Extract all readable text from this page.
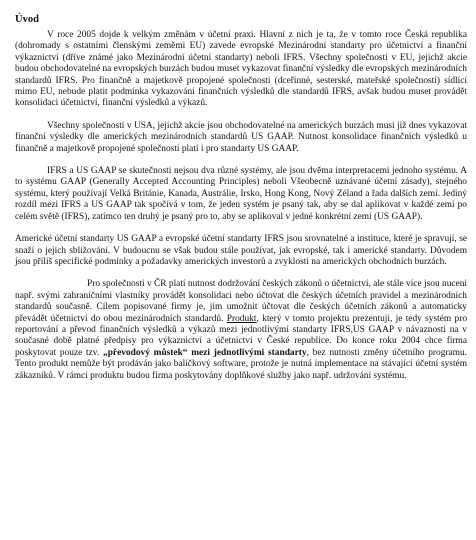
Úvod
V roce 2005 dojde k velkým změnám v účetní praxi. Hlavní z nich je ta, že v tomto roce Česká republika (dohromady s ostatními členskými zeměmi EU) zavede evropské Mezinárodní standarty pro účetnictví a finanční výkaznictví (dříve známé jako Mezinárodní účetní standarty) neboli IFRS. Všechny společnosti v EU, jejichž akcie budou obchodovatelné na evropských burzách budou muset vykazovat finanční výsledky dle evropských mezinárodních standardů IFRS. Pro finančně a majetkově propojené společnosti (dceřinné, sesterské, mateřské společnosti) sídlící mimo EU, nebude platit podmínka vykazování finančních výsledků dle standardů IFRS, avšak budou muset provádět konsolidaci účetnictví, finanční výsledků a výkazů.
Všechny společnosti v USA, jejichž akcie jsou obchodovatelné na amerických burzách musí již dnes vykazovat finanční výsledky dle amerických mezinárodních standardů US GAAP. Nutnost konsolidace finančních výsledků u finančně a majetkově propojené společnosti platí i pro standarty US GAAP.
IFRS a US GAAP se skutečnosti nejsou dva různé systémy, ale jsou dvěma interpretacemi jednoho systému. A to systému GAAP (Generally Accepted Accounting Principles) neboli Všeobecně uznávané účetní zásady), stejného systému, který používají Velká Británie, Kanada, Austrálie, Irsko, Hong Kong, Nový Zéland a řada dalších zemí. Jediný rozdíl mezi IFRS a US GAAP tak spočívá v tom, že jeden systém je psaný tak, aby se dal aplikovat v každé zemi po celém světě (IFRS), zatímco ten druhý je psaný pro to, aby se aplikoval v jedné konkrétní zemi (US GAAP).
Americké účetní standarty US GAAP a evropské účetní standarty IFRS jsou srovnatelné a instituce, které je spravují, se snaží o jejich sblížování. V budoucnu se však budou stále používat, jak evropské, tak i americké standarty. Důvodem jsou příliš specifické podmínky a požadavky amerických investorů a zvyklosti na amerických obchodních burzách.
Pro společnosti v ČR platí nutnost dodržování českých zákonů o účetnictví, ale stále více jsou nuceni např. svými zahraničními vlastníky provádět konsolidaci nebo účtovat dle českých účetních pravidel a mezinárodních standardů současně. Cílem popisované firmy je, jim umožnit účtovat dle českých účetních zákonů a automaticky převádět účetnictví do obou mezinárodních standardů. Produkt, který v tomto projektu prezentuji, je tedy systém pro reportování a převod finančních výsledků a výkazů mezi jednotlivými standarty IFRS,US GAAP v návaznosti na v současné době platné předpisy pro výkaznictví a účetnictví v České republice. Do konce roku 2004 chce firma poskytovat pouze tzv. „převodový můstek“ mezi jednotlivými standarty, bez nutnosti změny účetního programu. Tento produkt nemůže být prodáván jako balíčkový software, protože je nutná implementace na stávající účetní systém zákazníků. V rámci produktu budou firma poskytovány doplňkové služby jako např. udržování systému.
